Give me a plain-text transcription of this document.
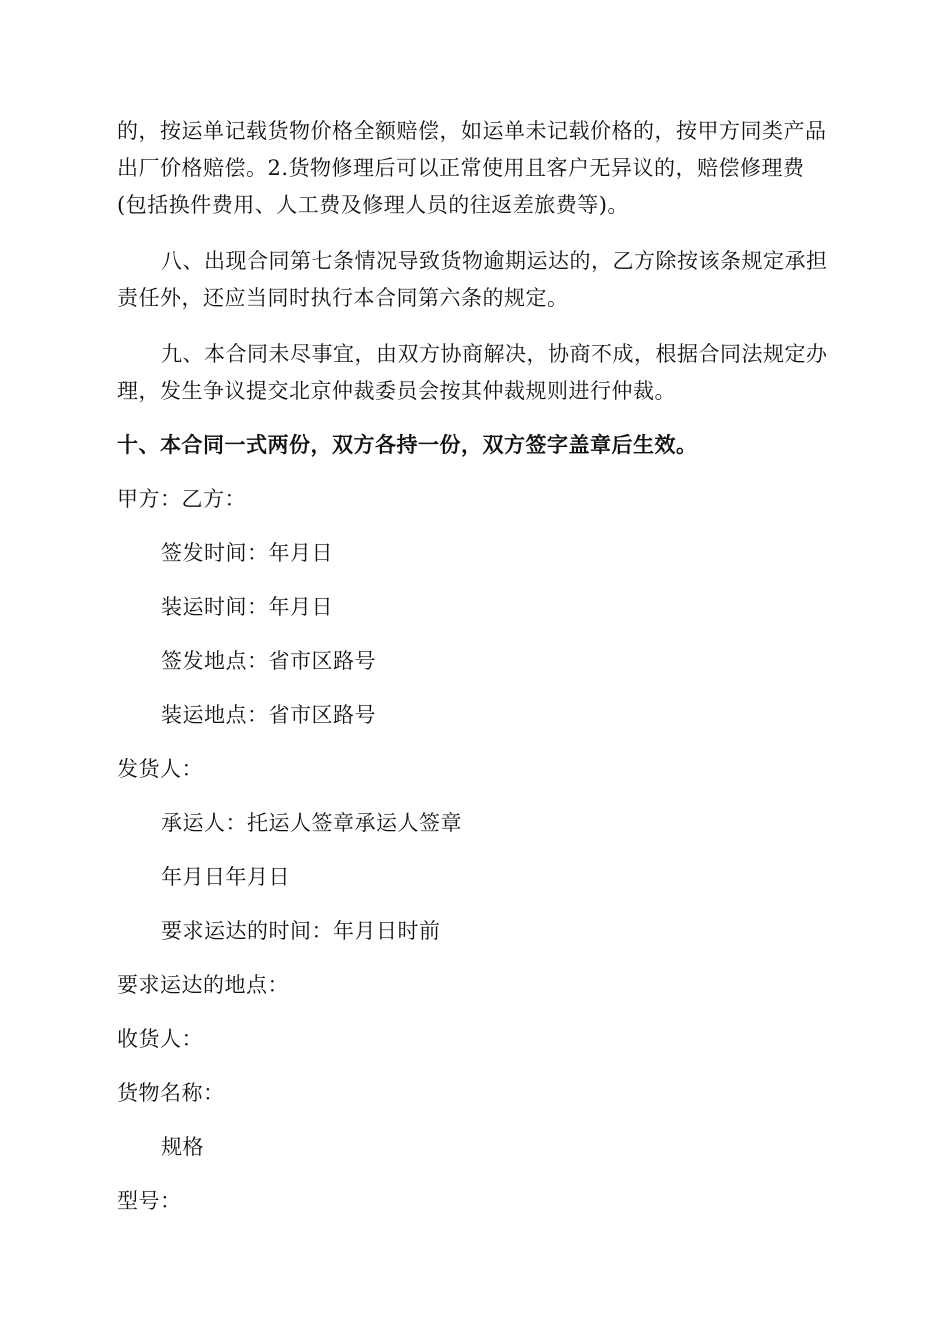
的，按运单记载货物价格全额赔偿，如运单未记载价格的，按甲方同类产品出厂价格赔偿。2.货物修理后可以正常使用且客户无异议的，赔偿修理费(包括换件费用、人工费及修理人员的往返差旅费等)。

八、出现合同第七条情况导致货物逾期运达的，乙方除按该条规定承担责任外，还应当同时执行本合同第六条的规定。

九、本合同未尽事宜，由双方协商解决，协商不成，根据合同法规定办理，发生争议提交北京仲裁委员会按其仲裁规则进行仲裁。

十、本合同一式两份，双方各持一份，双方签字盖章后生效。

甲方：乙方：

签发时间：年月日

装运时间：年月日

签发地点：省市区路号

装运地点：省市区路号

发货人：

承运人：托运人签章承运人签章

年月日年月日

要求运达的时间：年月日时前

要求运达的地点：

收货人：

货物名称：

规格

型号：
